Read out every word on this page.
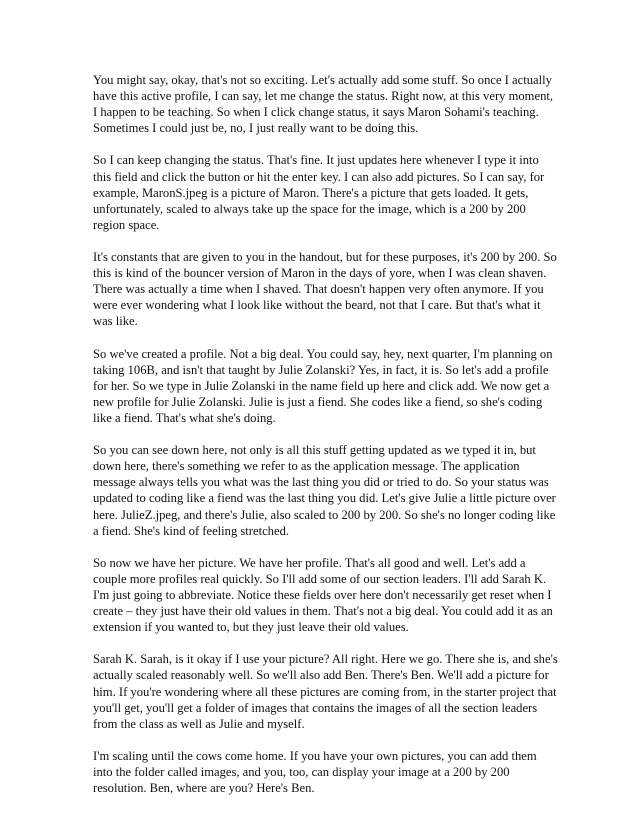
You might say, okay, that's not so exciting. Let's actually add some stuff. So once I actually have this active profile, I can say, let me change the status. Right now, at this very moment, I happen to be teaching. So when I click change status, it says Maron Sohami's teaching. Sometimes I could just be, no, I just really want to be doing this.

So I can keep changing the status. That's fine. It just updates here whenever I type it into this field and click the button or hit the enter key. I can also add pictures. So I can say, for example, MaronS.jpeg is a picture of Maron. There's a picture that gets loaded. It gets, unfortunately, scaled to always take up the space for the image, which is a 200 by 200 region space.

It's constants that are given to you in the handout, but for these purposes, it's 200 by 200. So this is kind of the bouncer version of Maron in the days of yore, when I was clean shaven. There was actually a time when I shaved. That doesn't happen very often anymore. If you were ever wondering what I look like without the beard, not that I care. But that's what it was like.

So we've created a profile. Not a big deal. You could say, hey, next quarter, I'm planning on taking 106B, and isn't that taught by Julie Zolanski? Yes, in fact, it is. So let's add a profile for her. So we type in Julie Zolanski in the name field up here and click add. We now get a new profile for Julie Zolanski. Julie is just a fiend. She codes like a fiend, so she's coding like a fiend. That's what she's doing.

So you can see down here, not only is all this stuff getting updated as we typed it in, but down here, there's something we refer to as the application message. The application message always tells you what was the last thing you did or tried to do. So your status was updated to coding like a fiend was the last thing you did. Let's give Julie a little picture over here. JulieZ.jpeg, and there's Julie, also scaled to 200 by 200. So she's no longer coding like a fiend. She's kind of feeling stretched.

So now we have her picture. We have her profile. That's all good and well. Let's add a couple more profiles real quickly. So I'll add some of our section leaders. I'll add Sarah K. I'm just going to abbreviate. Notice these fields over here don't necessarily get reset when I create – they just have their old values in them. That's not a big deal. You could add it as an extension if you wanted to, but they just leave their old values.

Sarah K. Sarah, is it okay if I use your picture? All right. Here we go. There she is, and she's actually scaled reasonably well. So we'll also add Ben. There's Ben. We'll add a picture for him. If you're wondering where all these pictures are coming from, in the starter project that you'll get, you'll get a folder of images that contains the images of all the section leaders from the class as well as Julie and myself.

I'm scaling until the cows come home. If you have your own pictures, you can add them into the folder called images, and you, too, can display your image at a 200 by 200 resolution. Ben, where are you? Here's Ben.
